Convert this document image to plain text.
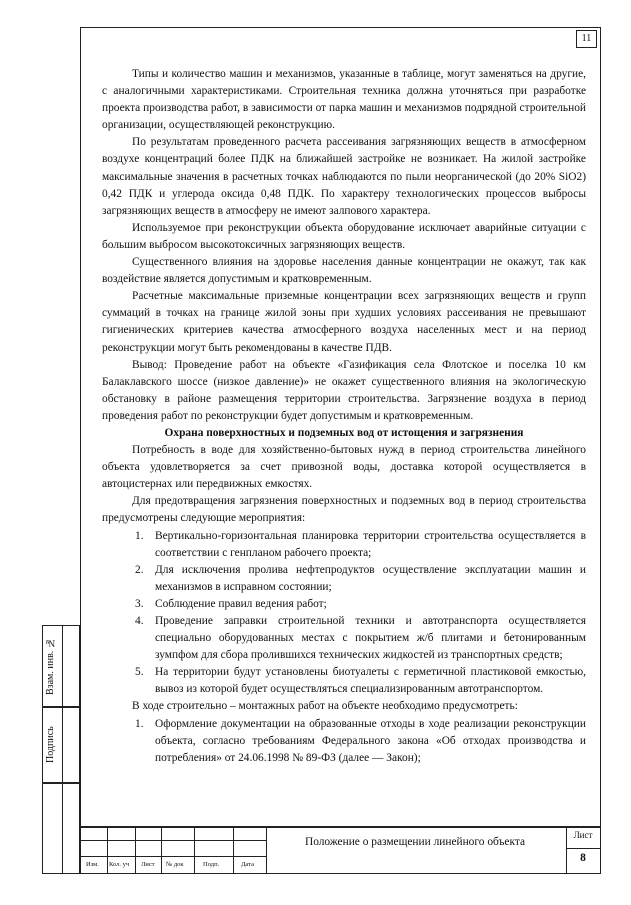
11
Взам. инв. №
Подпись

Типы и количество машин и механизмов, указанные в таблице, могут заменяться на другие, с аналогичными характеристиками. Строительная техника должна уточняться при разработке проекта производства работ, в зависимости от парка машин и механизмов подрядной строительной организации, осуществляющей реконструкцию.

По результатам проведенного расчета рассеивания загрязняющих веществ в атмосферном воздухе концентраций более ПДК на ближайшей застройке не возникает. На жилой застройке максимальные значения в расчетных точках наблюдаются по пыли неорганической (до 20% SiO2) 0,42 ПДК и углерода оксида 0,48 ПДК. По характеру технологических процессов выбросы загрязняющих веществ в атмосферу не имеют залпового характера.

Используемое при реконструкции объекта оборудование исключает аварийные ситуации с большим выбросом высокотоксичных загрязняющих веществ.

Существенного влияния на здоровье населения данные концентрации не окажут, так как воздействие является допустимым и кратковременным.

Расчетные максимальные приземные концентрации всех загрязняющих веществ и групп суммаций в точках на границе жилой зоны при худших условиях рассеивания не превышают гигиенических критериев качества атмосферного воздуха населенных мест и на период реконструкции могут быть рекомендованы в качестве ПДВ.

Вывод: Проведение работ на объекте «Газификация села Флотское и поселка 10 км Балаклавского шоссе (низкое давление)» не окажет существенного влияния на экологическую обстановку в районе размещения территории строительства. Загрязнение воздуха в период проведения работ по реконструкции будет допустимым и кратковременным.

Охрана поверхностных и подземных вод от истощения и загрязнения

Потребность в воде для хозяйственно-бытовых нужд в период строительства линейного объекта удовлетворяется за счет привозной воды, доставка которой осуществляется в автоцистернах или передвижных емкостях.

Для предотвращения загрязнения поверхностных и подземных вод в период строительства предусмотрены следующие мероприятия:

1. Вертикально-горизонтальная планировка территории строительства осуществляется в соответствии с генпланом рабочего проекта;
2. Для исключения пролива нефтепродуктов осуществление эксплуатации машин и механизмов в исправном состоянии;
3. Соблюдение правил ведения работ;
4. Проведение заправки строительной техники и автотранспорта осуществляется специально оборудованных местах с покрытием ж/б плитами и бетонированным зумпфом для сбора пролившихся технических жидкостей из транспортных средств;
5. На территории будут установлены биотуалеты с герметичной пластиковой емкостью, вывоз из которой будет осуществляться специализированным автотранспортом.

В ходе строительно – монтажных работ на объекте необходимо предусмотреть:

1. Оформление документации на образованные отходы в ходе реализации реконструкции объекта, согласно требованиям Федерального закона «Об отходах производства и потребления» от 24.06.1998 № 89-ФЗ (далее — Закон);
Изм. Кол. уч Лист № док	Подп.	Дата
Положение о размещении линейного объекта
Лист
8
